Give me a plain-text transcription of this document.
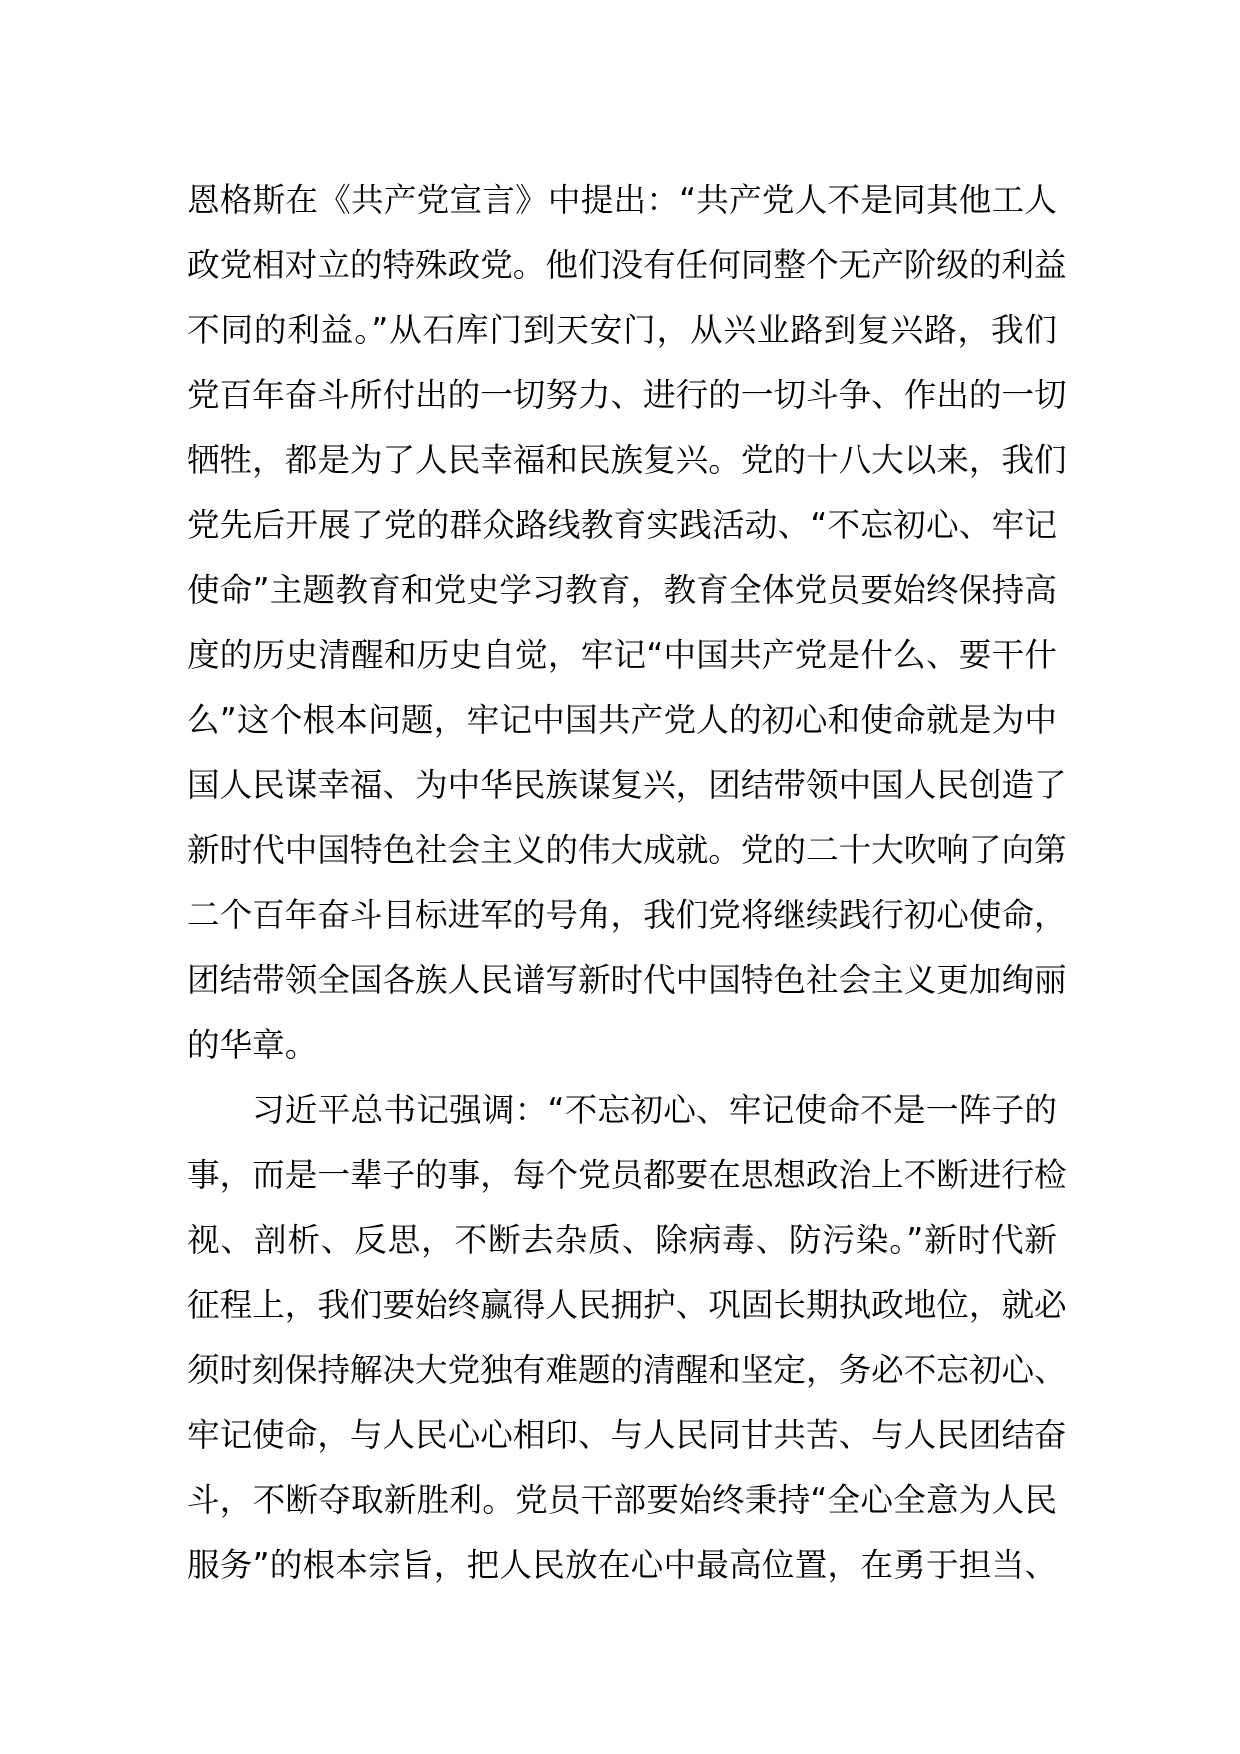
恩格斯在《共产党宣言》中提出：“共产党人不是同其他工人
政党相对立的特殊政党。他们没有任何同整个无产阶级的利益
不同的利益。”从石库门到天安门，从兴业路到复兴路，我们
党百年奋斗所付出的一切努力、进行的一切斗争、作出的一切
牺牲，都是为了人民幸福和民族复兴。党的十八大以来，我们
党先后开展了党的群众路线教育实践活动、“不忘初心、牢记
使命”主题教育和党史学习教育，教育全体党员要始终保持高
度的历史清醒和历史自觉，牢记“中国共产党是什么、要干什
么”这个根本问题，牢记中国共产党人的初心和使命就是为中
国人民谋幸福、为中华民族谋复兴，团结带领中国人民创造了
新时代中国特色社会主义的伟大成就。党的二十大吹响了向第
二个百年奋斗目标进军的号角，我们党将继续践行初心使命，
团结带领全国各族人民谱写新时代中国特色社会主义更加绚丽
的华章。
习近平总书记强调：“不忘初心、牢记使命不是一阵子的
事，而是一辈子的事，每个党员都要在思想政治上不断进行检
视、剖析、反思，不断去杂质、除病毒、防污染。”新时代新
征程上，我们要始终赢得人民拥护、巩固长期执政地位，就必
须时刻保持解决大党独有难题的清醒和坚定，务必不忘初心、
牢记使命，与人民心心相印、与人民同甘共苦、与人民团结奋
斗，不断夺取新胜利。党员干部要始终秉持“全心全意为人民
服务”的根本宗旨，把人民放在心中最高位置，在勇于担当、
